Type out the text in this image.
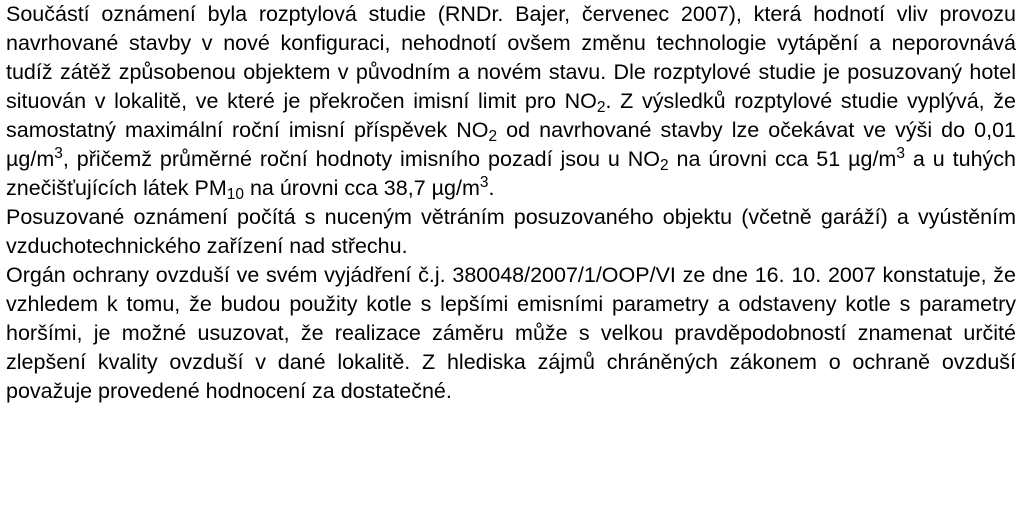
Součástí oznámení byla rozptylová studie (RNDr. Bajer, červenec 2007), která hodnotí vliv provozu navrhované stavby v nové konfiguraci, nehodnotí ovšem změnu technologie vytápění a neporovnává tudíž zátěž způsobenou objektem v původním a novém stavu. Dle rozptylové studie je posuzovaný hotel situován v lokalitě, ve které je překročen imisní limit pro $NO_2$. Z výsledků rozptylové studie vyplývá, že samostatný maximální roční imisní příspěvek $NO_2$ od navrhované stavby lze očekávat ve výši do 0,01 $\mu g/m^3$, přičemž průměrné roční hodnoty imisního pozadí jsou u $NO_2$ na úrovni cca 51 $\mu g/m^3$ a u tuhých znečišťujících látek $PM_{10}$ na úrovni cca 38,7 $\mu g/m^3$.

Posuzované oznámení počítá s nuceným větráním posuzovaného objektu (včetně garáží) a vyústěním vzduchotechnického zařízení nad střechu.

Orgán ochrany ovzduší ve svém vyjádření č.j. 380048/2007/1/OOP/VI ze dne 16. 10. 2007 konstatuje, že vzhledem k tomu, že budou použity kotle s lepšími emisními parametry a odstaveny kotle s parametry horšími, je možné usuzovat, že realizace záměru může s velkou pravděpodobností znamenat určité zlepšení kvality ovzduší v dané lokalitě. Z hlediska zájmů chráněných zákonem o ochraně ovzduší považuje provedené hodnocení za dostatečné.
